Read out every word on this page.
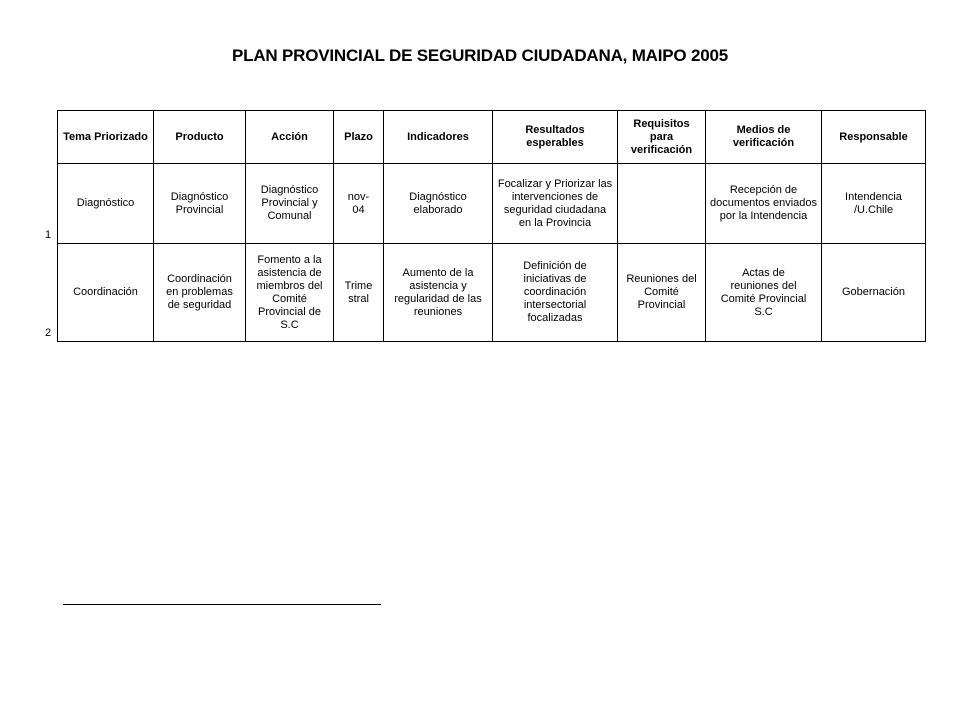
PLAN PROVINCIAL DE SEGURIDAD CIUDADANA, MAIPO 2005
1
2
Tema Priorizado	Producto	Acción	Plazo	Indicadores	Resultados esperables	Requisitos para verificación	Medios de verificación	Responsable
Diagnóstico	Diagnóstico Provincial	Diagnóstico Provincial y Comunal	nov-04	Diagnóstico elaborado	Focalizar y Priorizar las intervenciones de seguridad ciudadana en la Provincia		Recepción de documentos enviados por la Intendencia	Intendencia /U.Chile
Coordinación	Coordinación en problemas de seguridad	Fomento a la asistencia de miembros del Comité Provincial de S.C	Trimestral	Aumento de la asistencia y regularidad de las reuniones	Definición de iniciativas de coordinación intersectorial focalizadas	Reuniones del Comité Provincial	Actas de reuniones del Comité Provincial S.C	Gobernación
